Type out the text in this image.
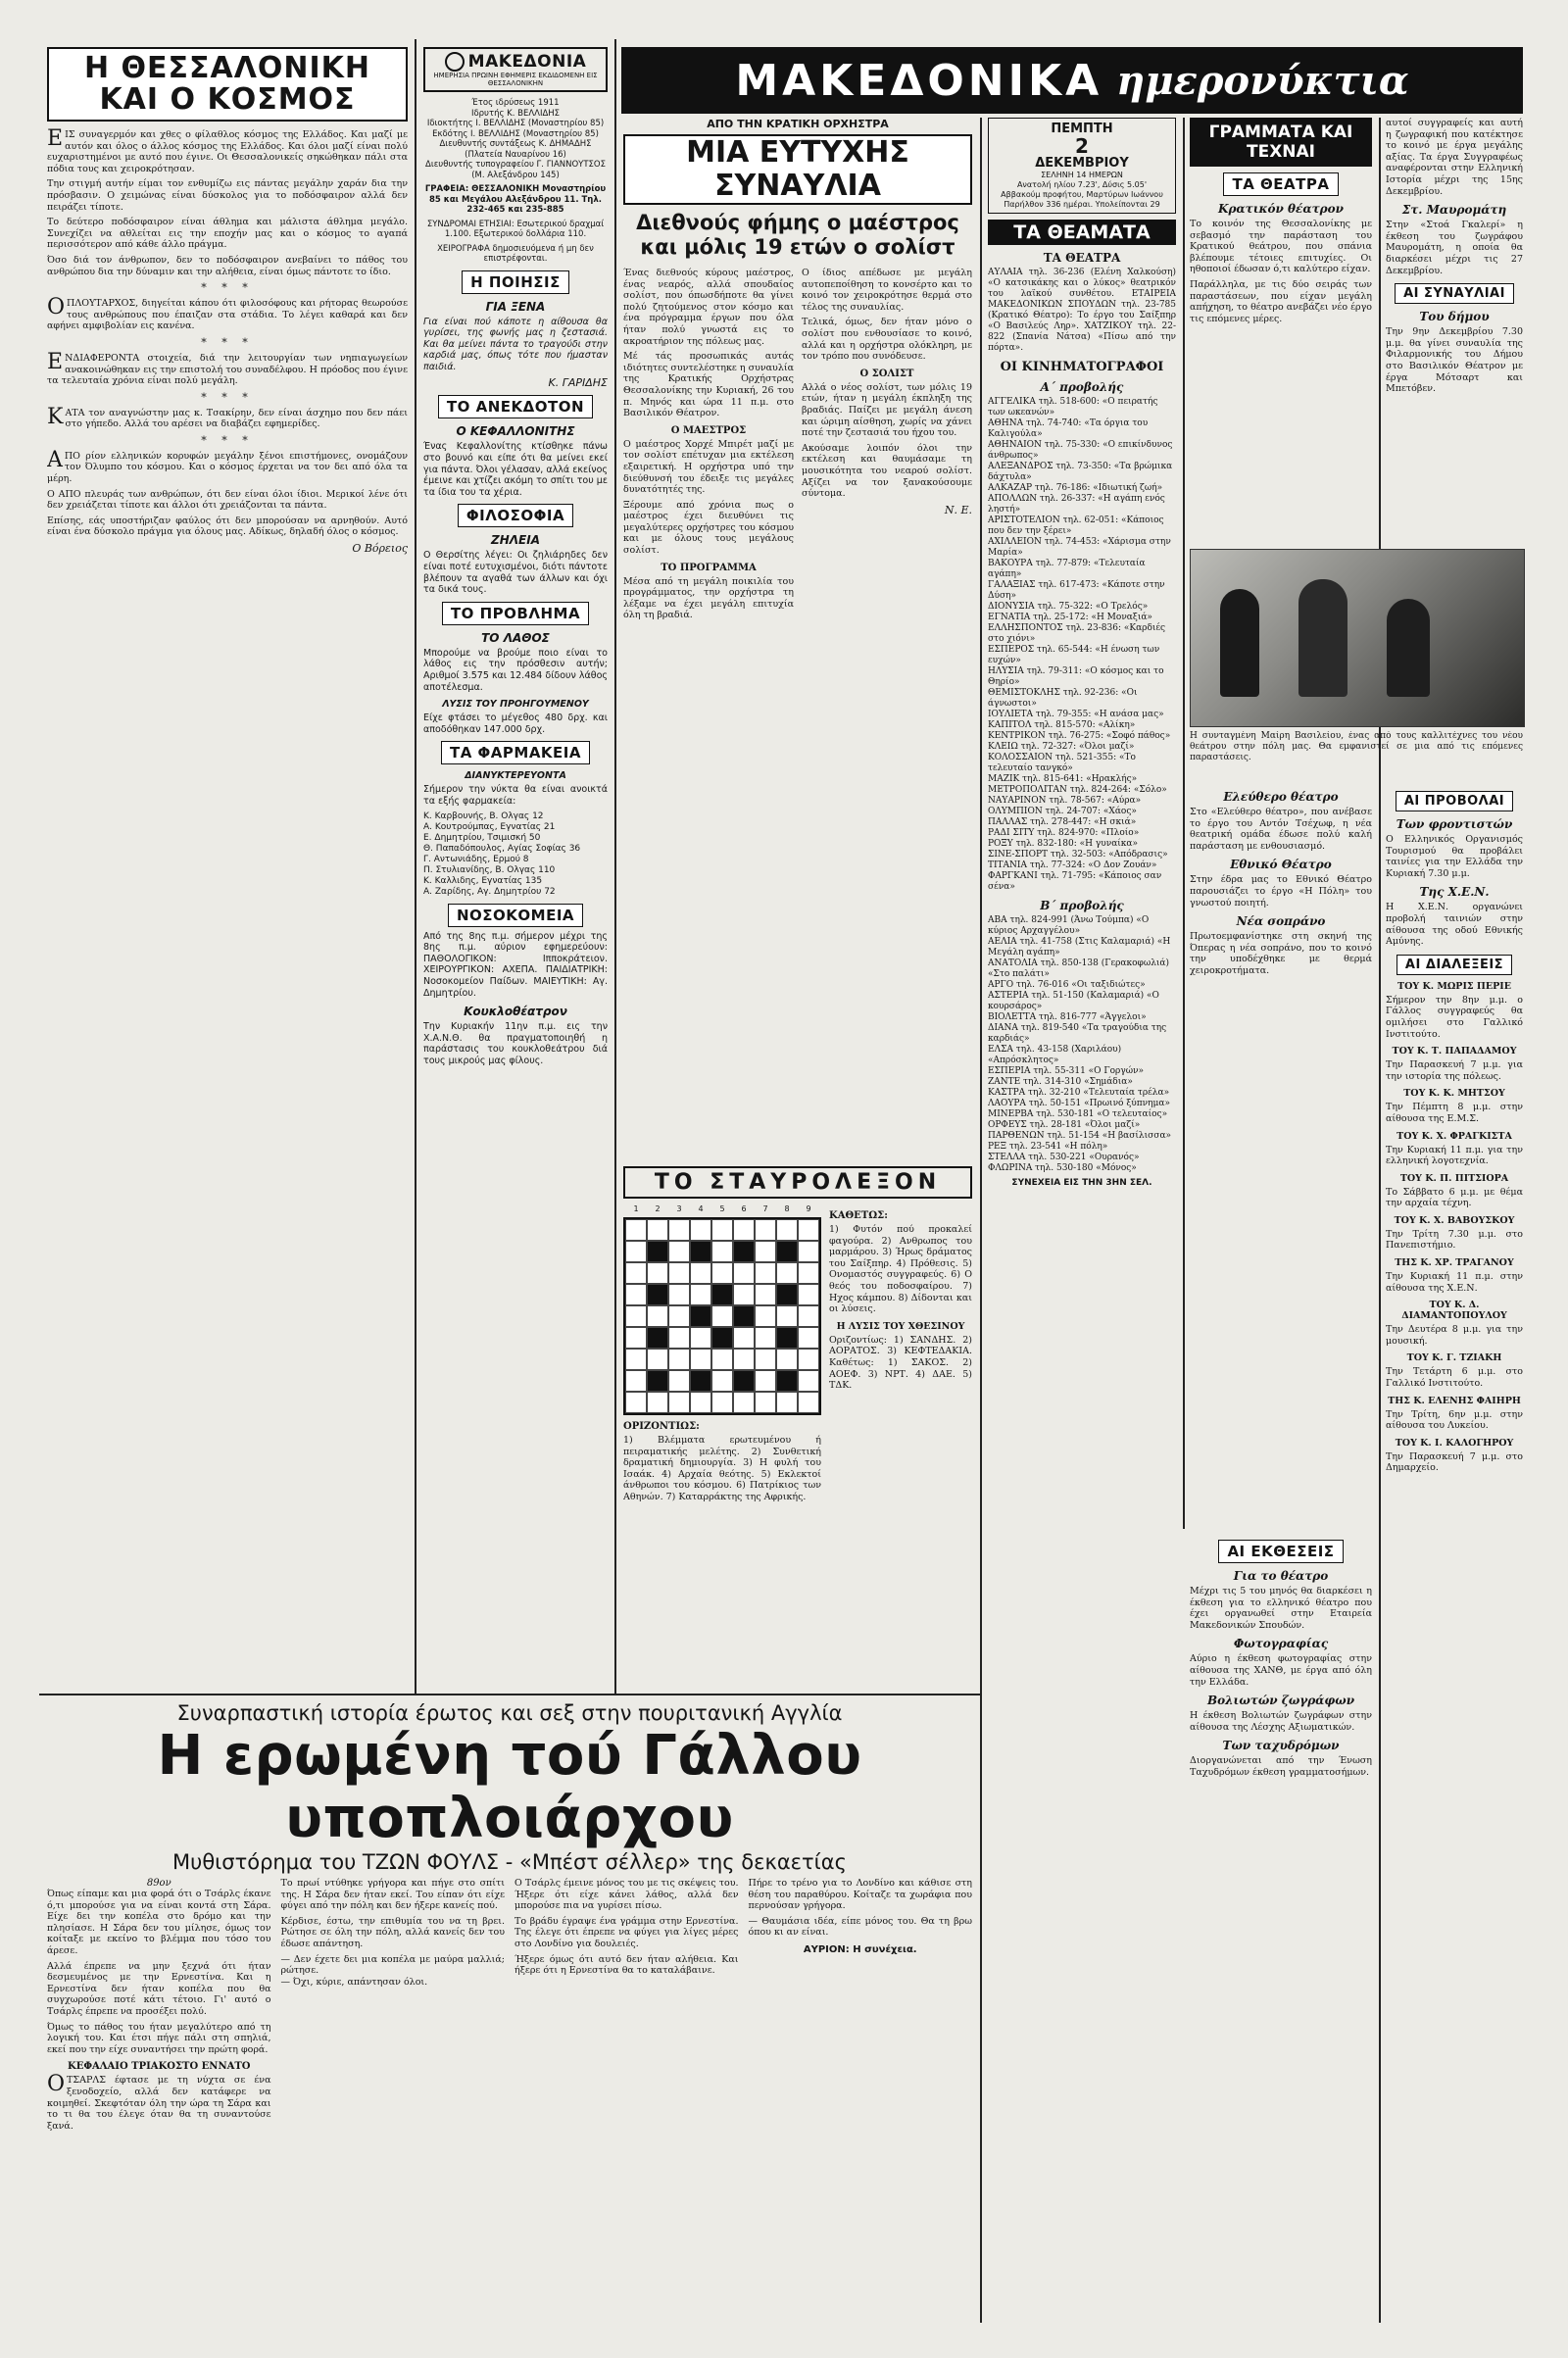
Η ΘΕΣΣΑΛΟΝΙΚΗ ΚΑΙ Ο ΚΟΣΜΟΣ

ΕΙΣ συναγερμόν και χθες ο φίλαθλος κόσμος της Ελλάδος. Και μαζί με αυτόν και όλος ο άλλος κόσμος της Ελλάδος. Και όλοι μαζί είναι πολύ ευχαριστημένοι με αυτό που έγινε. Οι Θεσσαλονικείς σηκώθηκαν πάλι στα πόδια τους και χειροκρότησαν.

Την στιγμή αυτήν είμαι τον ενθυμίζω εις πάντας μεγάλην χαράν δια την πρόσβασιν. Ο χειμώνας είναι δύσκολος για το ποδόσφαιρον αλλά δεν πειράζει τίποτε.

Το δεύτερο ποδόσφαιρον είναι άθλημα και μάλιστα άθλημα μεγάλο. Συνεχίζει να αθλείται εις την εποχήν μας και ο κόσμος το αγαπά περισσότερον από κάθε άλλο πράγμα.

Όσο διά τον άνθρωπον, δεν το ποδόσφαιρον ανεβαίνει το πάθος του ανθρώπου δια την δύναμιν και την αλήθεια, είναι όμως πάντοτε το ίδιο.

* * *

ΟΠΛΟΥΤΑΡΧΟΣ, διηγείται κάπου ότι φιλοσόφους και ρήτορας θεωρούσε τους ανθρώπους που έπαιζαν στα στάδια. Το λέγει καθαρά και δεν αφήνει αμφιβολίαν εις κανένα.

* * *

ΕΝΔΙΑΦΕΡΟΝΤΑ στοιχεία, διά την λειτουργίαν των νηπιαγωγείων ανακοινώθηκαν εις την επιστολή του συναδέλφου. Η πρόοδος που έγινε τα τελευταία χρόνια είναι πολύ μεγάλη.

* * *

ΚΑΤΑ τον αναγνώστην μας κ. Τσακίρην, δεν είναι άσχημο που δεν πάει στο γήπεδο. Αλλά του αρέσει να διαβάζει εφημερίδες.

* * *

ΑΠΟ ρίον ελληνικών κορυφών μεγάλην ξένοι επιστήμονες, ονομάζουν τον Όλυμπο του κόσμου. Και ο κόσμος έρχεται να τον δει από όλα τα μέρη.

Ο ΑΠΟ πλευράς των ανθρώπων, ότι δεν είναι όλοι ίδιοι. Μερικοί λένε ότι δεν χρειάζεται τίποτε και άλλοι ότι χρειάζονται τα πάντα.

Επίσης, εάς υποστήριζαν φαύλος ότι δεν μπορούσαν να αρνηθούν. Αυτό είναι ένα δύσκολο πράγμα για όλους μας. Αδίκως, δηλαδή όλος ο κόσμος.

Ο Βόρειος
ΜΑΚΕΔΟΝΙΑ
ΗΜΕΡΗΣΙΑ ΠΡΩΙΝΗ ΕΦΗΜΕΡΙΣ ΕΚΔΙΔΟΜΕΝΗ ΕΙΣ ΘΕΣΣΑΛΟΝΙΚΗΝ
Έτος ιδρύσεως 1911
Ιδρυτής Κ. ΒΕΛΛΙΔΗΣ
Ιδιοκτήτης Ι. ΒΕΛΛΙΔΗΣ (Μοναστηρίου 85)
Εκδότης Ι. ΒΕΛΛΙΔΗΣ (Μοναστηρίου 85)
Διευθυντής συντάξεως Κ. ΔΗΜΑΔΗΣ (Πλατεία Ναυαρίνου 16)
Διευθυντής τυπογραφείου Γ. ΓΙΑΝΝΟΥΤΣΟΣ (Μ. Αλεξάνδρου 145)
ΓΡΑΦΕΙΑ: ΘΕΣΣΑΛΟΝΙΚΗ Μοναστηρίου 85 και Μεγάλου Αλεξάνδρου 11. Τηλ. 232-465 και 235-885
ΣΥΝΔΡΟΜΑΙ ΕΤΗΣΙΑΙ: Εσωτερικού δραχμαί 1.100. Εξωτερικού δολλάρια 110.
ΧΕΙΡΟΓΡΑΦΑ δημοσιευόμενα ή μη δεν επιστρέφονται.
Η ΠΟΙΗΣΙΣ
ΓΙΑ ΞΕΝΑ

Για είναι πού κάποτε η αίθουσα θα γυρίσει, της φωνής μας η ζεστασιά. Και θα μείνει πάντα το τραγούδι στην καρδιά μας, όπως τότε που ήμασταν παιδιά.

Κ. ΓΑΡΙΔΗΣ
ΤΟ ΑΝΕΚΔΟΤΟΝ
Ο ΚΕΦΑΛΛΟΝΙΤΗΣ

Ένας Κεφαλλονίτης κτίσθηκε πάνω στο βουνό και είπε ότι θα μείνει εκεί για πάντα. Όλοι γέλασαν, αλλά εκείνος έμεινε και χτίζει ακόμη το σπίτι του με τα ίδια του τα χέρια.

ΦΙΛΟΣΟΦΙΑ
ΖΗΛΕΙΑ

Ο Θερσίτης λέγει: Οι ζηλιάρηδες δεν είναι ποτέ ευτυχισμένοι, διότι πάντοτε βλέπουν τα αγαθά των άλλων και όχι τα δικά τους.

ΤΟ ΠΡΟΒΛΗΜΑ
ΤΟ ΛΑΘΟΣ

Μπορούμε να βρούμε ποιο είναι το λάθος εις την πρόσθεσιν αυτήν; Αριθμοί 3.575 και 12.484 δίδουν λάθος αποτέλεσμα.

ΛΥΣΙΣ ΤΟΥ ΠΡΟΗΓΟΥΜΕΝΟΥ

Είχε φτάσει το μέγεθος 480 δρχ. και αποδόθηκαν 147.000 δρχ.

ΤΑ ΦΑΡΜΑΚΕΙΑ
ΔΙΑΝΥΚΤΕΡΕΥΟΝΤΑ

Σήμερον την νύκτα θα είναι ανοικτά τα εξής φαρμακεία:

Κ. Καρβουνής, Β. Ολγας 12

Α. Κουτρούμπας, Εγνατίας 21

Ε. Δημητρίου, Τσιμισκή 50

Θ. Παπαδόπουλος, Αγίας Σοφίας 36

Γ. Αντωνιάδης, Ερμού 8

Π. Στυλιανίδης, Β. Ολγας 110

Κ. Καλλιδης, Εγνατίας 135

Α. Ζαρίδης, Αγ. Δημητρίου 72

ΝΟΣΟΚΟΜΕΙΑ

Από της 8ης π.μ. σήμερον μέχρι της 8ης π.μ. αύριον εφημερεύουν: ΠΑΘΟΛΟΓΙΚΟΝ: Ιπποκράτειον. ΧΕΙΡΟΥΡΓΙΚΟΝ: ΑΧΕΠΑ. ΠΑΙΔΙΑΤΡΙΚΗ: Νοσοκομείον Παίδων. ΜΑΙΕΥΤΙΚΗ: Αγ. Δημητρίου.

Κουκλοθέατρον

Την Κυριακήν 11ην π.μ. εις την Χ.Α.Ν.Θ. θα πραγματοποιηθή η παράστασις του κουκλοθεάτρου διά τους μικρούς μας φίλους.

ΜΑΚΕΔΟΝΙΚΑ ημερονύκτια
ΑΠΟ ΤΗΝ ΚΡΑΤΙΚΗ ΟΡΧΗΣΤΡΑ
ΜΙΑ ΕΥΤΥΧΗΣ ΣΥΝΑΥΛΙΑ
Διεθνούς φήμης ο μαέστρος και μόλις 19 ετών ο σολίστ

Ένας διεθνούς κύρους μαέστρος, ένας νεαρός, αλλά σπουδαίος σολίστ, που όπωσδήποτε θα γίνει πολύ ζητούμενος στον κόσμο και ένα πρόγραμμα έργων που όλα ήταν πολύ γνωστά εις το ακροατήριον της πόλεως μας.

Μέ τάς προσωπικάς αυτάς ιδιότητες συντελέστηκε η συναυλία της Κρατικής Ορχήστρας Θεσσαλονίκης την Κυριακή, 26 του π. Μηνός και ώρα 11 π.μ. στο Βασιλικόν Θέατρον.

Ο ΜΑΕΣΤΡΟΣ

Ο μαέστρος Χορχέ Μπιρέτ μαζί με τον σολίστ επέτυχαν μια εκτέλεση εξαιρετική. Η ορχήστρα υπό την διεύθυνσή του έδειξε τις μεγάλες δυνατότητές της.

Ξέρουμε από χρόνια πως ο μαέστρος έχει διευθύνει τις μεγαλύτερες ορχήστρες του κόσμου και με όλους τους μεγάλους σολίστ.

ΤΟ ΠΡΟΓΡΑΜΜΑ

Μέσα από τη μεγάλη ποικιλία του προγράμματος, την ορχήστρα τη λέξαμε να έχει μεγάλη επιτυχία όλη τη βραδιά.

Ο ίδιος απέδωσε με μεγάλη αυτοπεποίθηση το κονσέρτο και το κοινό τον χειροκρότησε θερμά στο τέλος της συναυλίας.

Τελικά, όμως, δεν ήταν μόνο ο σολίστ που ενθουσίασε το κοινό, αλλά και η ορχήστρα ολόκληρη, με τον τρόπο που συνόδευσε.

Ο ΣΟΛΙΣΤ

Αλλά ο νέος σολίστ, των μόλις 19 ετών, ήταν η μεγάλη έκπληξη της βραδιάς. Παίζει με μεγάλη άνεση και ώριμη αίσθηση, χωρίς να χάνει ποτέ την ζεστασιά του ήχου του.

Ακούσαμε λοιπόν όλοι την εκτέλεση και θαυμάσαμε τη μουσικότητα του νεαρού σολίστ. Αξίζει να τον ξανακούσουμε σύντομα.

Ν. Ε.
ΤΟ ΣΤΑΥΡΟΛΕΞΟΝ
1	2	3	4	5	6	7	8	9
ΟΡΙΖΟΝΤΙΩΣ:

1) Βλέμματα ερωτευμένου ή πειραματικής μελέτης. 2) Συνθετική δραματική δημιουργία. 3) Η φυλή του Ισαάκ. 4) Αρχαία θεότης. 5) Εκλεκτοί άνθρωποι του κόσμου. 6) Πατρίκιος των Αθηνών. 7) Καταρράκτης της Αφρικής.

ΚΑΘΕΤΩΣ:

1) Φυτόν πού προκαλεί φαγούρα. 2) Ανθρωπος του μαρμάρου. 3) Ήρως δράματος του Σαίξπηρ. 4) Πρόθεσις. 5) Ονομαστός συγγραφεύς. 6) Ο θεός του ποδοσφαίρου. 7) Ηχος κάμπου. 8) Δίδονται και οι λύσεις.

Η ΛΥΣΙΣ ΤΟΥ ΧΘΕΣΙΝΟΥ

Οριζοντίως: 1) ΣΑΝΔΗΣ. 2) ΑΟΡΑΤΟΣ. 3) ΚΕΦΤΕΔΑΚΙΑ. Καθέτως: 1) ΣΑΚΟΣ. 2) ΑΟΕΦ. 3) ΝΡΤ. 4) ΔΑΕ. 5) ΤΔΚ.

ΠΕΜΠΤΗ
2
ΔΕΚΕΜΒΡΙΟΥ
ΣΕΛΗΝΗ 14 ΗΜΕΡΩΝ
Ανατολή ηλίου 7.23', Δύσις 5.05'
Αββακούμ προφήτου, Μαρτύρων Ιωάννου
Παρήλθον 336 ημέραι. Υπολείπονται 29
ΤΑ ΘΕΑΜΑΤΑ
ΤΑ ΘΕΑΤΡΑ

ΑΥΛΑΙΑ τηλ. 36-236 (Ελένη Χαλκούση) «Ο κατσικάκης και ο λύκος» θεατρικόν του λαϊκού συνθέτου. ΕΤΑΙΡΕΙΑ ΜΑΚΕΔΟΝΙΚΩΝ ΣΠΟΥΔΩΝ τηλ. 23-785 (Κρατικό Θέατρο): Το έργο του Σαίξπηρ «Ο Βασιλεύς Ληρ». ΧΑΤΖΙΚΟΥ τηλ. 22-822 (Σπανία Νάτσα) «Πίσω από την πόρτα».

ΟΙ ΚΙΝΗΜΑΤΟΓΡΑΦΟΙ
Α΄ προβολής

ΑΓΓΕΛΙΚΑ τηλ. 518-600: «Ο πειρατής των ωκεανών»

ΑΘΗΝΑ τηλ. 74-740: «Τα όργια του Καλιγούλα»

ΑΘΗΝΑΙΟΝ τηλ. 75-330: «Ο επικίνδυνος άνθρωπος»

ΑΛΕΞΑΝΔΡΟΣ τηλ. 73-350: «Τα βρώμικα δάχτυλα»

ΑΛΚΑΖΑΡ τηλ. 76-186: «Ιδιωτική ζωή»

ΑΠΟΛΛΩΝ τηλ. 26-337: «Η αγάπη ενός ληστή»

ΑΡΙΣΤΟΤΕΛΙΟΝ τηλ. 62-051: «Κάποιος που δεν την ξέρει»

ΑΧΙΛΛΕΙΟΝ τηλ. 74-453: «Χάρισμα στην Μαρία»

ΒΑΚΟΥΡΑ τηλ. 77-879: «Τελευταία αγάπη»

ΓΑΛΑΞΙΑΣ τηλ. 617-473: «Κάποτε στην Δύση»

ΔΙΟΝΥΣΙΑ τηλ. 75-322: «Ο Τρελός»

ΕΓΝΑΤΙΑ τηλ. 25-172: «Η Μοναξιά»

ΕΛΛΗΣΠΟΝΤΟΣ τηλ. 23-836: «Καρδιές στο χιόνι»

ΕΣΠΕΡΟΣ τηλ. 65-544: «Η ένωση των ευχών»

ΗΛΥΣΙΑ τηλ. 79-311: «Ο κόσμος και το Θηρίο»

ΘΕΜΙΣΤΟΚΛΗΣ τηλ. 92-236: «Οι άγνωστοι»

ΙΟΥΛΙΕΤΑ τηλ. 79-355: «Η ανάσα μας»

ΚΑΠΙΤΟΛ τηλ. 815-570: «Αλίκη»

ΚΕΝΤΡΙΚΟΝ τηλ. 76-275: «Σοφό πάθος»

ΚΛΕΙΩ τηλ. 72-327: «Όλοι μαζί»

ΚΟΛΟΣΣΑΙΟΝ τηλ. 521-355: «Το τελευταίο τανγκό»

ΜΑΖΙΚ τηλ. 815-641: «Ηρακλής»

ΜΕΤΡΟΠΟΛΙΤΑΝ τηλ. 824-264: «Σόλο»

ΝΑΥΑΡΙΝΟΝ τηλ. 78-567: «Αύρα»

ΟΛΥΜΠΙΟΝ τηλ. 24-707: «Χάος»

ΠΑΛΛΑΣ τηλ. 278-447: «Η σκιά»

ΡΑΔΙ ΣΙΤΥ τηλ. 824-970: «Πλοίο»

ΡΟΞΥ τηλ. 832-180: «Η γυναίκα»

ΣΙΝΕ-ΣΠΟΡΤ τηλ. 32-503: «Απόδρασις»

ΤΙΤΑΝΙΑ τηλ. 77-324: «Ο Δον Ζουάν»

ΦΑΡΓΚΑΝΙ τηλ. 71-795: «Κάποιος σαν σένα»

Β΄ προβολής

ΑΒΑ τηλ. 824-991 (Άνω Τούμπα) «Ο κύριος Αρχαγγέλου»

ΑΕΛΙΑ τηλ. 41-758 (Στις Καλαμαριά) «Η Μεγάλη αγάπη»

ΑΝΑΤΟΛΙΑ τηλ. 850-138 (Γερακοφωλιά) «Στο παλάτι»

ΑΡΓΟ τηλ. 76-016 «Οι ταξιδιώτες»

ΑΣΤΕΡΙΑ τηλ. 51-150 (Καλαμαριά) «Ο κουρσάρος»

ΒΙΟΛΕΤΤΑ τηλ. 816-777 «Άγγελοι»

ΔΙΑΝΑ τηλ. 819-540 «Τα τραγούδια της καρδιάς»

ΕΛΣΑ τηλ. 43-158 (Χαριλάου) «Απρόσκλητος»

ΕΣΠΕΡΙΑ τηλ. 55-311 «Ο Γοργών»

ΖΑΝΤΕ τηλ. 314-310 «Σημάδια»

ΚΑΣΤΡΑ τηλ. 32-210 «Τελευταία τρέλα»

ΛΑΟΥΡΑ τηλ. 50-151 «Πρωινό ξύπνημα»

ΜΙΝΕΡΒΑ τηλ. 530-181 «Ο τελευταίος»

ΟΡΦΕΥΣ τηλ. 28-181 «Όλοι μαζί»

ΠΑΡΘΕΝΩΝ τηλ. 51-154 «Η βασίλισσα»

ΡΕΞ τηλ. 23-541 «Η πόλη»

ΣΤΕΛΛΑ τηλ. 530-221 «Ουρανός»

ΦΛΩΡΙΝΑ τηλ. 530-180 «Μόνος»

ΣΥΝΕΧΕΙΑ ΕΙΣ ΤΗΝ 3ΗΝ ΣΕΛ.
ΓΡΑΜΜΑΤΑ ΚΑΙ ΤΕΧΝΑΙ
ΤΑ ΘΕΑΤΡΑ
Κρατικόν θέατρον

Το κοινόν της Θεσσαλονίκης με σεβασμό την παράσταση του Κρατικού θεάτρου, που σπάνια βλέπουμε τέτοιες επιτυχίες. Οι ηθοποιοί έδωσαν ό,τι καλύτερο είχαν.

Παράλληλα, με τις δύο σειράς των παραστάσεων, που είχαν μεγάλη απήχηση, το θέατρο ανεβάζει νέο έργο τις επόμενες μέρες.

Η συνταγμένη Μαίρη Βασιλείου, ένας από τους καλλιτέχνες του νέου θεάτρου στην πόλη μας. Θα εμφανιστεί σε μια από τις επόμενες παραστάσεις.

Ελεύθερο θέατρο

Στο «Ελεύθερο θέατρο», που ανέβασε το έργο του Αντόν Τσέχωφ, η νέα θεατρική ομάδα έδωσε πολύ καλή παράσταση με ενθουσιασμό.

Εθνικό Θέατρο

Στην έδρα μας το Εθνικό Θέατρο παρουσιάζει το έργο «Η Πόλη» του γνωστού ποιητή.

Νέα σοπράνο

Πρωτοεμφανίστηκε στη σκηνή της Όπερας η νέα σοπράνο, που το κοινό την υποδέχθηκε με θερμά χειροκροτήματα.

ΑΙ ΕΚΘΕΣΕΙΣ
Για το θέατρο

Μέχρι τις 5 του μηνός θα διαρκέσει η έκθεση για το ελληνικό θέατρο που έχει οργανωθεί στην Εταιρεία Μακεδονικών Σπουδών.

Φωτογραφίας

Αύριο η έκθεση φωτογραφίας στην αίθουσα της ΧΑΝΘ, με έργα από όλη την Ελλάδα.

Βολιωτών ζωγράφων

Η έκθεση Βολιωτών ζωγράφων στην αίθουσα της Λέσχης Αξιωματικών.

Των ταχυδρόμων

Διοργανώνεται από την Ένωση Ταχυδρόμων έκθεση γραμματοσήμων.

αυτοί συγγραφείς και αυτή η ζωγραφική που κατέκτησε το κοινό με έργα μεγάλης αξίας. Τα έργα Συγγραφέως αναφέρονται στην Ελληνική Ιστορία μέχρι της 15ης Δεκεμβρίου.

Στ. Μαυρομάτη

Στην «Στοά Γκαλερί» η έκθεση του ζωγράφου Μαυρομάτη, η οποία θα διαρκέσει μέχρι τις 27 Δεκεμβρίου.

ΑΙ ΣΥΝΑΥΛΙΑΙ
Του δήμου

Την 9ην Δεκεμβρίου 7.30 μ.μ. θα γίνει συναυλία της Φιλαρμονικής του Δήμου στο Βασιλικόν Θέατρον με έργα Μότσαρτ και Μπετόβεν.

ΑΙ ΠΡΟΒΟΛΑΙ
Των φροντιστών

Ο Ελληνικός Οργανισμός Τουρισμού θα προβάλει ταινίες για την Ελλάδα την Κυριακή 7.30 μ.μ.

Της Χ.Ε.Ν.

Η Χ.Ε.Ν. οργανώνει προβολή ταινιών στην αίθουσα της οδού Εθνικής Αμύνης.

ΑΙ ΔΙΑΛΕΞΕΙΣ
ΤΟΥ Κ. ΜΩΡΙΣ ΠΕΡΙΕ

Σήμερον την 8ην μ.μ. ο Γάλλος συγγραφεύς θα ομιλήσει στο Γαλλικό Ινστιτούτο.

ΤΟΥ Κ. Τ. ΠΑΠΑΔΑΜΟΥ

Την Παρασκευή 7 μ.μ. για την ιστορία της πόλεως.

ΤΟΥ Κ. Κ. ΜΗΤΣΟΥ

Την Πέμπτη 8 μ.μ. στην αίθουσα της Ε.Μ.Σ.

ΤΟΥ Κ. Χ. ΦΡΑΓΚΙΣΤΑ

Την Κυριακή 11 π.μ. για την ελληνική λογοτεχνία.

ΤΟΥ Κ. Π. ΠΙΤΣΙΟΡΑ

Το Σάββατο 6 μ.μ. με θέμα την αρχαία τέχνη.

ΤΟΥ Κ. Χ. ΒΑΒΟΥΣΚΟΥ

Την Τρίτη 7.30 μ.μ. στο Πανεπιστήμιο.

ΤΗΣ Κ. ΧΡ. ΤΡΑΓΑΝΟΥ

Την Κυριακή 11 π.μ. στην αίθουσα της Χ.Ε.Ν.

ΤΟΥ Κ. Δ. ΔΙΑΜΑΝΤΟΠΟΥΛΟΥ

Την Δευτέρα 8 μ.μ. για την μουσική.

ΤΟΥ Κ. Γ. ΤΖΙΑΚΗ

Την Τετάρτη 6 μ.μ. στο Γαλλικό Ινστιτούτο.

ΤΗΣ Κ. ΕΛΕΝΗΣ ΦΑΙΗΡΗ

Την Τρίτη, 6ην μ.μ. στην αίθουσα του Λυκείου.

ΤΟΥ Κ. Ι. ΚΑΛΟΓΗΡΟΥ

Την Παρασκευή 7 μ.μ. στο Δημαρχείο.

Συναρπαστική ιστορία έρωτος και σεξ στην πουριτανική Αγγλία
Η ερωμένη τού Γάλλου υποπλοιάρχου
Μυθιστόρημα του ΤΖΩΝ ΦΟΥΛΣ - «Μπέστ σέλλερ» της δεκαετίας
89ον

Όπως είπαμε και μια φορά ότι ο Τσάρλς έκανε ό,τι μπορούσε για να είναι κοντά στη Σάρα. Είχε δει την κοπέλα στο δρόμο και την πλησίασε. Η Σάρα δεν του μίλησε, όμως τον κοίταξε με εκείνο το βλέμμα που τόσο του άρεσε.

Αλλά έπρεπε να μην ξεχνά ότι ήταν δεσμευμένος με την Ερνεστίνα. Και η Ερνεστίνα δεν ήταν κοπέλα που θα συγχωρούσε ποτέ κάτι τέτοιο. Γι' αυτό ο Τσάρλς έπρεπε να προσέξει πολύ.

Όμως το πάθος του ήταν μεγαλύτερο από τη λογική του. Και έτσι πήγε πάλι στη σπηλιά, εκεί που την είχε συναντήσει την πρώτη φορά.

ΚΕΦΑΛΑΙΟ ΤΡΙΑΚΟΣΤΟ ΕΝΝΑΤΟ

ΟΤΣΑΡΛΣ έφτασε με τη νύχτα σε ένα ξενοδοχείο, αλλά δεν κατάφερε να κοιμηθεί. Σκεφτόταν όλη την ώρα τη Σάρα και το τι θα του έλεγε όταν θα τη συναντούσε ξανά.

Το πρωί ντύθηκε γρήγορα και πήγε στο σπίτι της. Η Σάρα δεν ήταν εκεί. Του είπαν ότι είχε φύγει από την πόλη και δεν ήξερε κανείς πού.

Κέρδισε, έστω, την επιθυμία του να τη βρει. Ρώτησε σε όλη την πόλη, αλλά κανείς δεν του έδωσε απάντηση.

— Δεν έχετε δει μια κοπέλα με μαύρα μαλλιά; ρώτησε.
— Όχι, κύριε, απάντησαν όλοι.

Ο Τσάρλς έμεινε μόνος του με τις σκέψεις του. Ήξερε ότι είχε κάνει λάθος, αλλά δεν μπορούσε πια να γυρίσει πίσω.

Το βράδυ έγραψε ένα γράμμα στην Ερνεστίνα. Της έλεγε ότι έπρεπε να φύγει για λίγες μέρες στο Λονδίνο για δουλειές.

Ήξερε όμως ότι αυτό δεν ήταν αλήθεια. Και ήξερε ότι η Ερνεστίνα θα το καταλάβαινε.

Πήρε το τρένο για το Λονδίνο και κάθισε στη θέση του παραθύρου. Κοίταζε τα χωράφια που περνούσαν γρήγορα.

— Θαυμάσια ιδέα, είπε μόνος του. Θα τη βρω όπου κι αν είναι.

ΑΥΡΙΟΝ: Η συνέχεια.
